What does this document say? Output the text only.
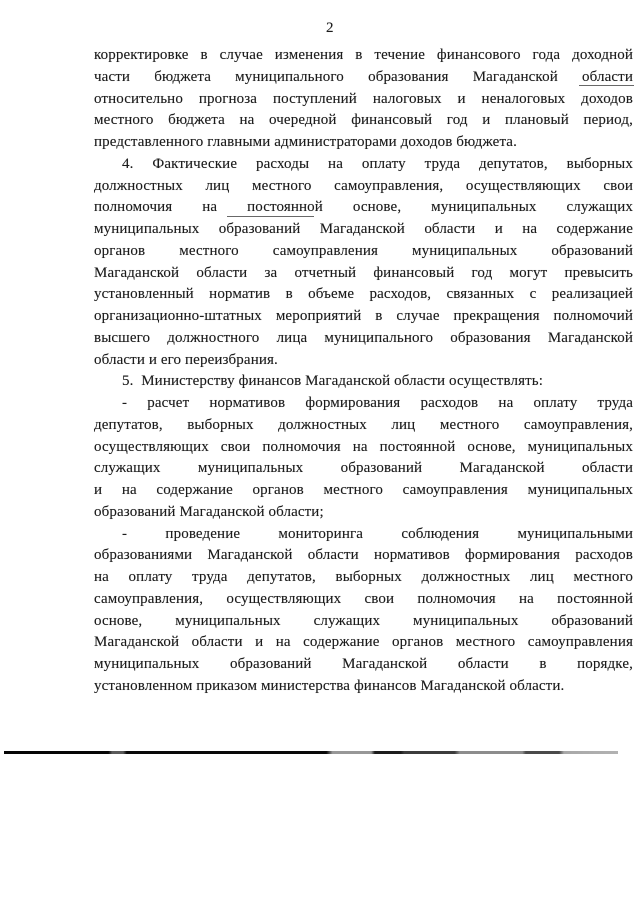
2
корректировке в случае изменения в течение финансового года доходной
части бюджета муниципального образования Магаданской области
относительно прогноза поступлений налоговых и неналоговых доходов
местного бюджета на очередной финансовый год и плановый период,
представленного главными администраторами доходов бюджета.
4. Фактические расходы на оплату труда депутатов, выборных
должностных лиц местного самоуправления, осуществляющих свои
полномочия на постоянной основе, муниципальных служащих
муниципальных образований Магаданской области и на содержание
органов местного самоуправления муниципальных образований
Магаданской области за отчетный финансовый год могут превысить
установленный норматив в объеме расходов, связанных с реализацией
организационно-штатных мероприятий в случае прекращения полномочий
высшего должностного лица муниципального образования Магаданской
области и его переизбрания.
5.  Министерству финансов Магаданской области осуществлять:
- расчет нормативов формирования расходов на оплату труда
депутатов, выборных должностных лиц местного самоуправления,
осуществляющих свои полномочия на постоянной основе, муниципальных
служащих муниципальных образований Магаданской области
и на содержание органов местного самоуправления муниципальных
образований Магаданской области;
- проведение мониторинга соблюдения муниципальными
образованиями Магаданской области нормативов формирования расходов
на оплату труда депутатов, выборных должностных лиц местного
самоуправления, осуществляющих свои полномочия на постоянной
основе, муниципальных служащих муниципальных образований
Магаданской области и на содержание органов местного самоуправления
муниципальных образований Магаданской области в порядке,
установленном приказом министерства финансов Магаданской области.
